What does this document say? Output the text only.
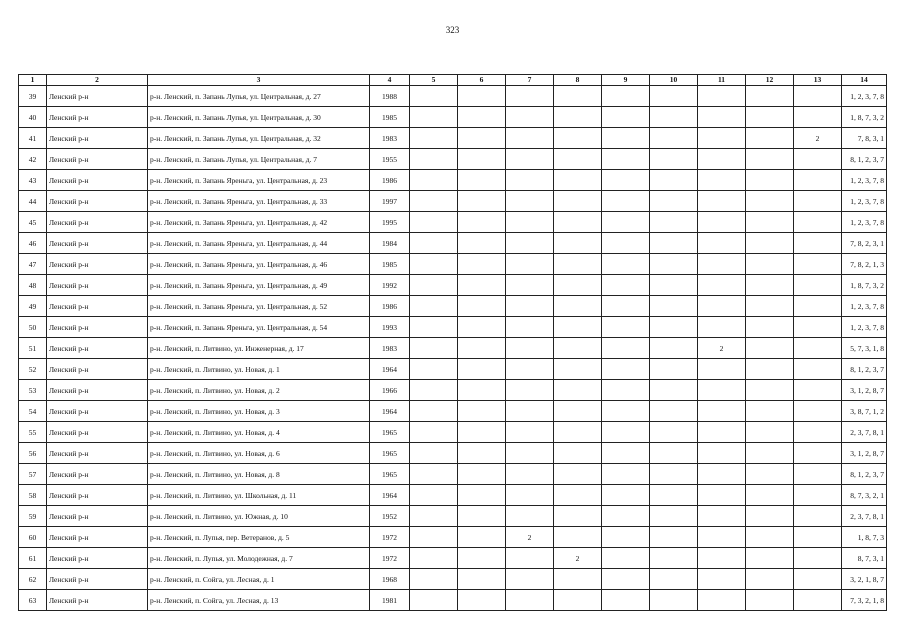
323
1	2	3	4	5	6	7	8	9	10	11	12	13	14
39	Ленский р-н	р-н. Ленский, п. Запань Лупья, ул. Центральная, д. 27	1988										1, 2, 3, 7, 8
40	Ленский р-н	р-н. Ленский, п. Запань Лупья, ул. Центральная, д. 30	1985										1, 8, 7, 3, 2
41	Ленский р-н	р-н. Ленский, п. Запань Лупья, ул. Центральная, д. 32	1983									2	7, 8, 3, 1
42	Ленский р-н	р-н. Ленский, п. Запань Лупья, ул. Центральная, д. 7	1955										8, 1, 2, 3, 7
43	Ленский р-н	р-н. Ленский, п. Запань Яреньга, ул. Центральная, д. 23	1986										1, 2, 3, 7, 8
44	Ленский р-н	р-н. Ленский, п. Запань Яреньга, ул. Центральная, д. 33	1997										1, 2, 3, 7, 8
45	Ленский р-н	р-н. Ленский, п. Запань Яреньга, ул. Центральная, д. 42	1995										1, 2, 3, 7, 8
46	Ленский р-н	р-н. Ленский, п. Запань Яреньга, ул. Центральная, д. 44	1984										7, 8, 2, 3, 1
47	Ленский р-н	р-н. Ленский, п. Запань Яреньга, ул. Центральная, д. 46	1985										7, 8, 2, 1, 3
48	Ленский р-н	р-н. Ленский, п. Запань Яреньга, ул. Центральная, д. 49	1992										1, 8, 7, 3, 2
49	Ленский р-н	р-н. Ленский, п. Запань Яреньга, ул. Центральная, д. 52	1986										1, 2, 3, 7, 8
50	Ленский р-н	р-н. Ленский, п. Запань Яреньга, ул. Центральная, д. 54	1993										1, 2, 3, 7, 8
51	Ленский р-н	р-н. Ленский, п. Литвино, ул. Инженерная, д. 17	1983							2			5, 7, 3, 1, 8
52	Ленский р-н	р-н. Ленский, п. Литвино, ул. Новая, д. 1	1964										8, 1, 2, 3, 7
53	Ленский р-н	р-н. Ленский, п. Литвино, ул. Новая, д. 2	1966										3, 1, 2, 8, 7
54	Ленский р-н	р-н. Ленский, п. Литвино, ул. Новая, д. 3	1964										3, 8, 7, 1, 2
55	Ленский р-н	р-н. Ленский, п. Литвино, ул. Новая, д. 4	1965										2, 3, 7, 8, 1
56	Ленский р-н	р-н. Ленский, п. Литвино, ул. Новая, д. 6	1965										3, 1, 2, 8, 7
57	Ленский р-н	р-н. Ленский, п. Литвино, ул. Новая, д. 8	1965										8, 1, 2, 3, 7
58	Ленский р-н	р-н. Ленский, п. Литвино, ул. Школьная, д. 11	1964										8, 7, 3, 2, 1
59	Ленский р-н	р-н. Ленский, п. Литвино, ул. Южная, д. 10	1952										2, 3, 7, 8, 1
60	Ленский р-н	р-н. Ленский, п. Лупья, пер. Ветеранов, д. 5	1972			2							1, 8, 7, 3
61	Ленский р-н	р-н. Ленский, п. Лупья, ул. Молодежная, д. 7	1972				2						8, 7, 3, 1
62	Ленский р-н	р-н. Ленский, п. Сойга, ул. Лесная, д. 1	1968										3, 2, 1, 8, 7
63	Ленский р-н	р-н. Ленский, п. Сойга, ул. Лесная, д. 13	1981										7, 3, 2, 1, 8
